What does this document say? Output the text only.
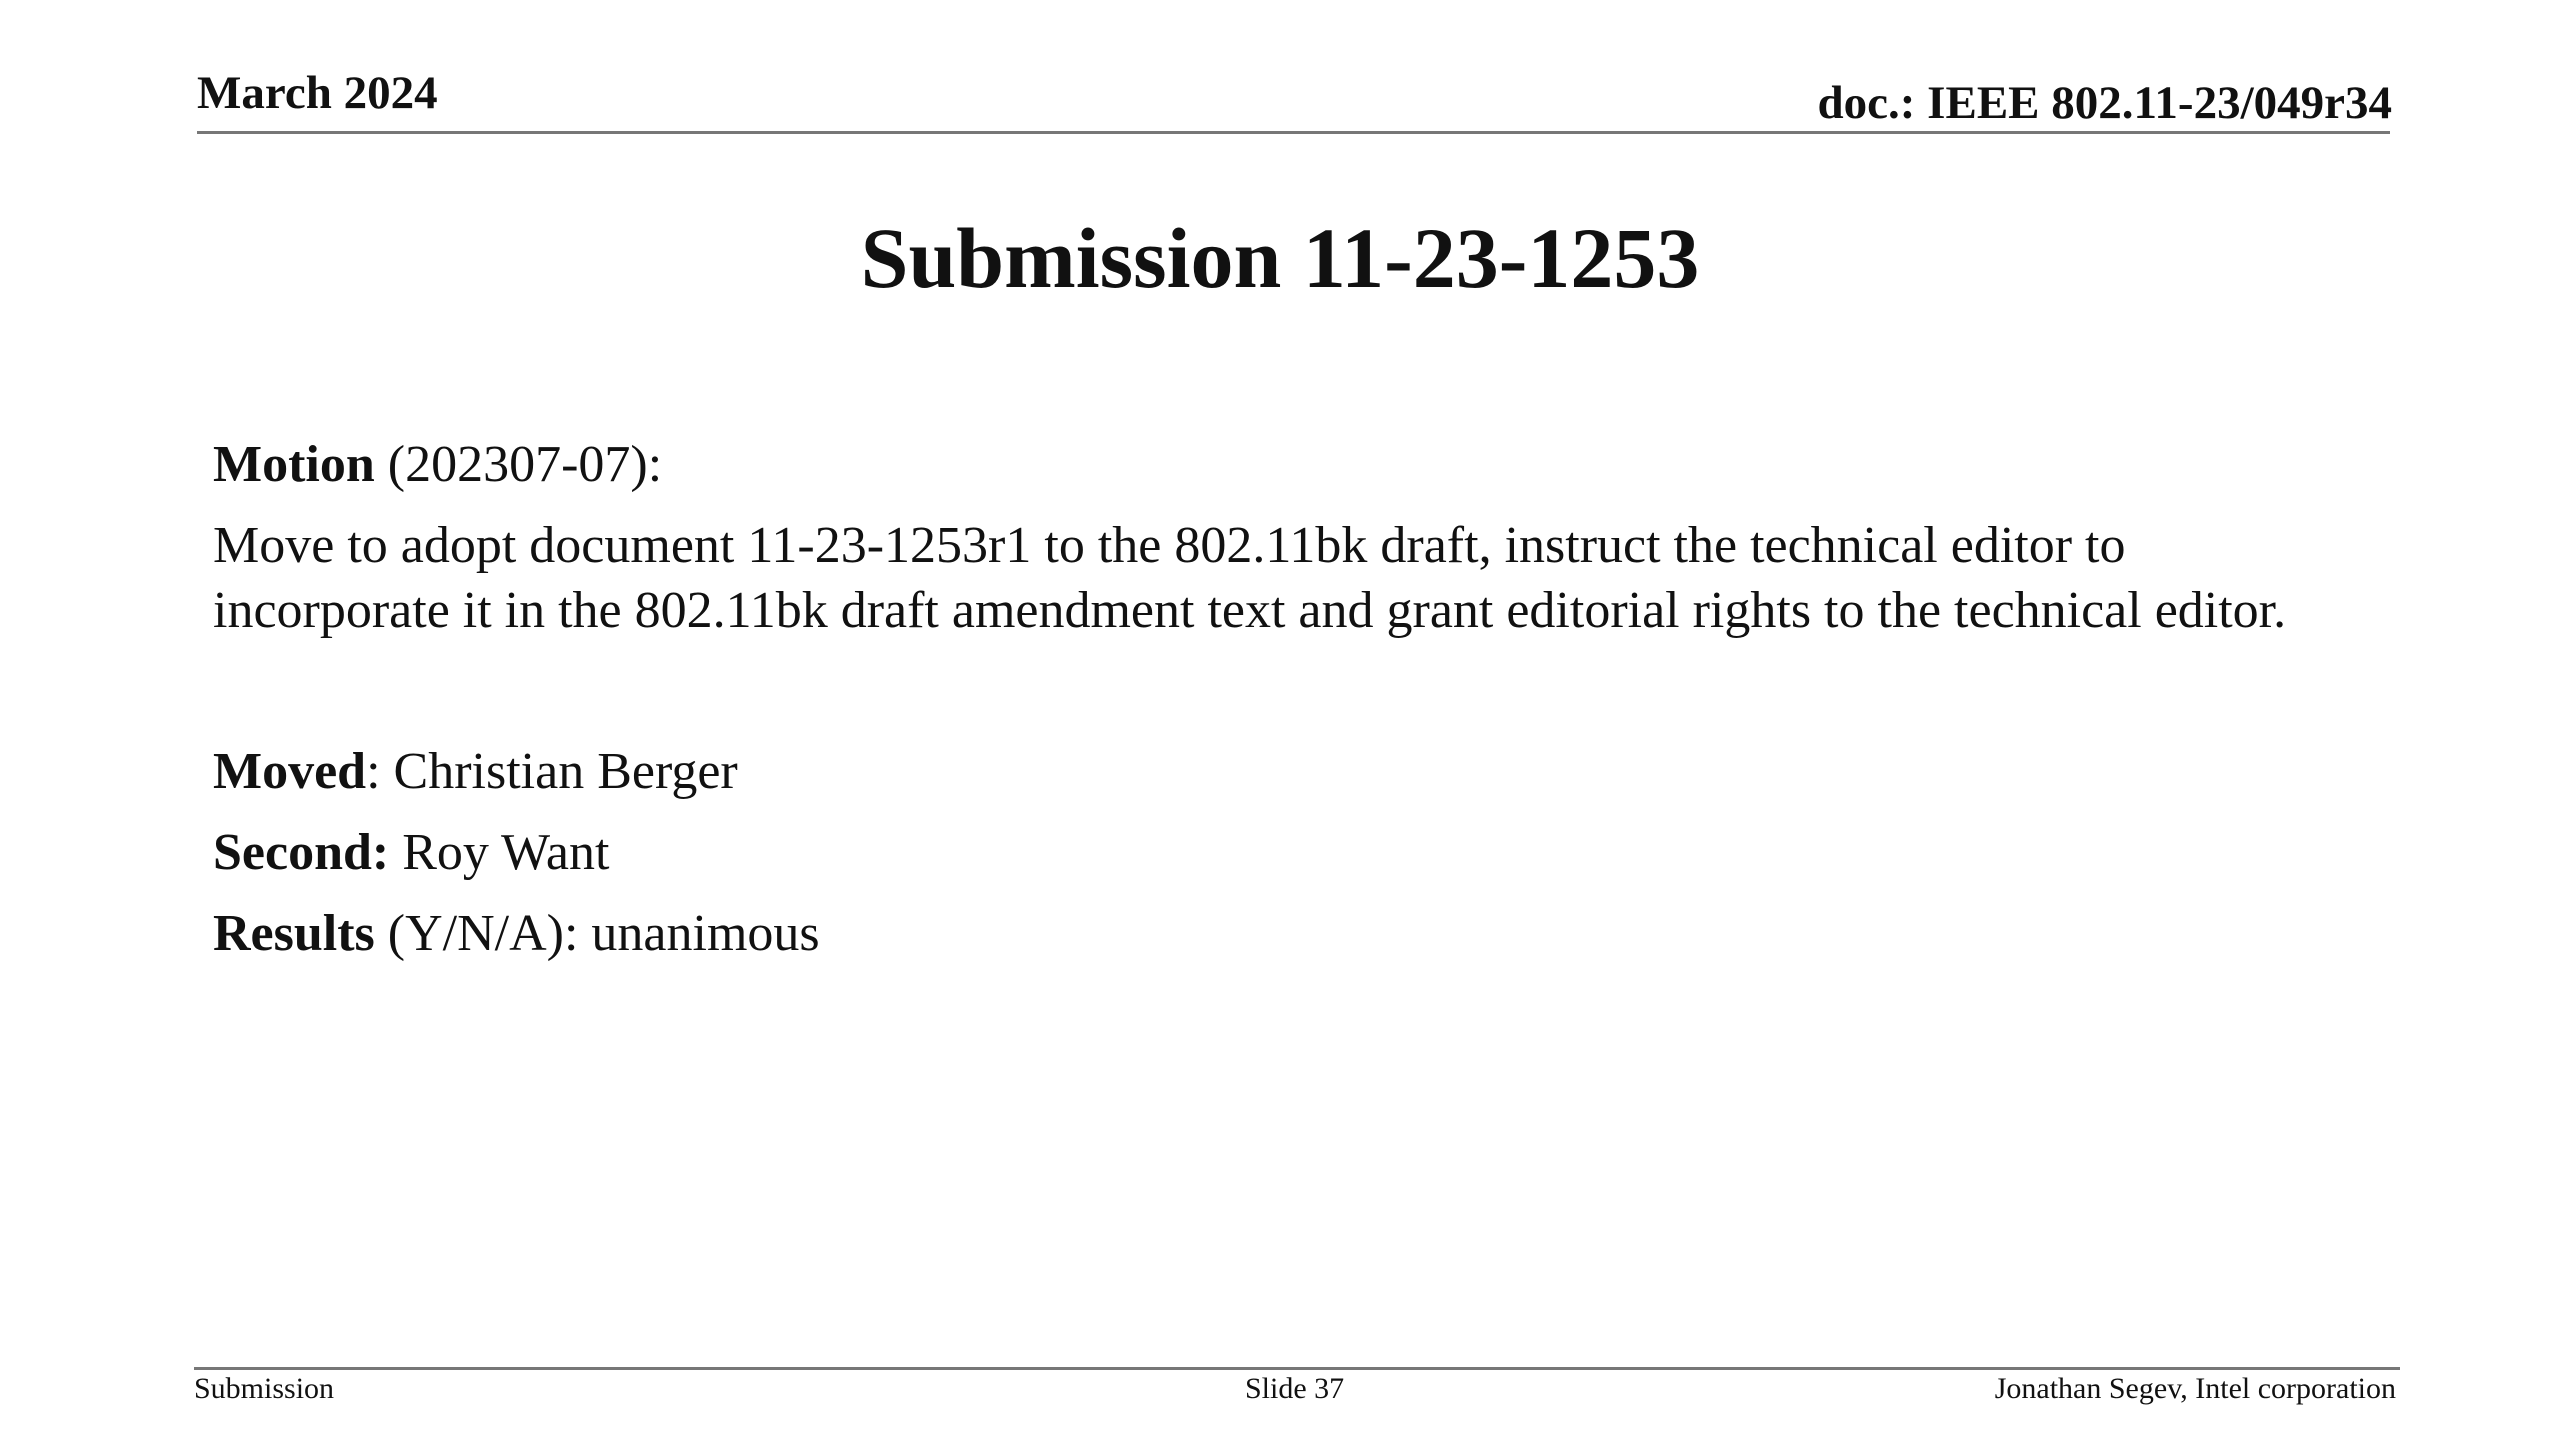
March 2024	doc.: IEEE 802.11-23/049r34
Submission 11-23-1253

Motion (202307-07):

Move to adopt document 11-23-1253r1 to the 802.11bk draft, instruct the technical editor to
incorporate it in the 802.11bk draft amendment text and grant editorial rights to the technical editor.

Moved: Christian Berger

Second: Roy Want

Results (Y/N/A): unanimous

Submission	Slide 37	Jonathan Segev, Intel corporation
